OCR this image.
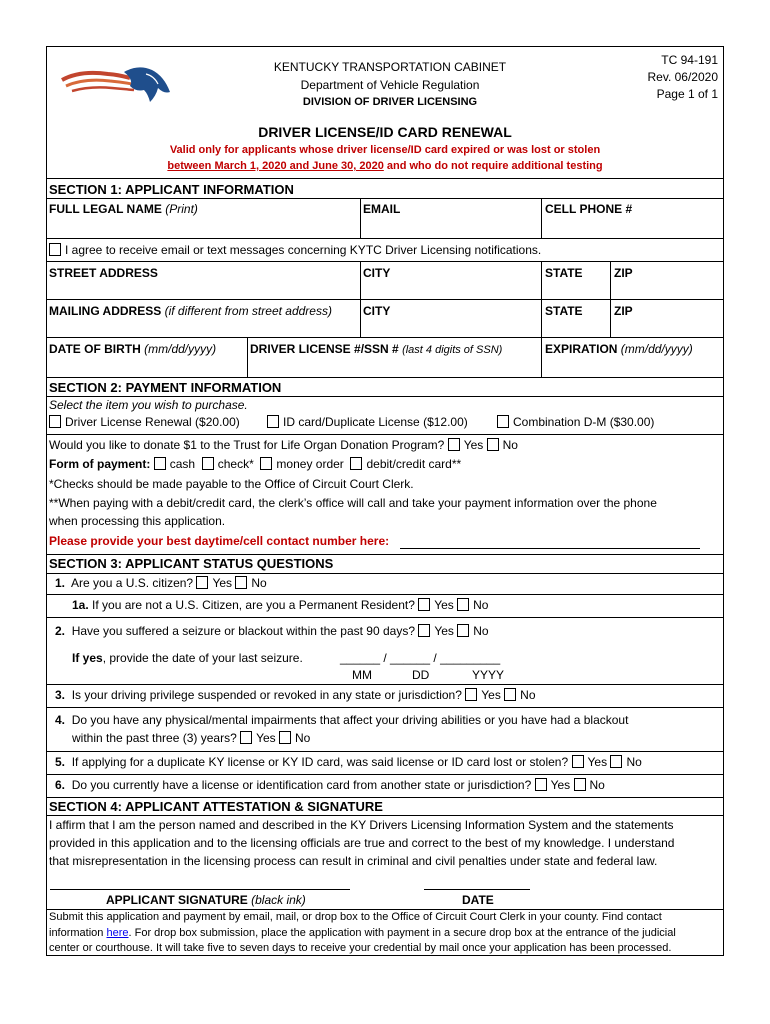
KENTUCKY TRANSPORTATION CABINET
Department of Vehicle Regulation
DIVISION OF DRIVER LICENSING
TC 94-191
Rev. 06/2020
Page 1 of 1
DRIVER LICENSE/ID CARD RENEWAL
Valid only for applicants whose driver license/ID card expired or was lost or stolen
between March 1, 2020 and June 30, 2020 and who do not require additional testing
SECTION 1: APPLICANT INFORMATION
FULL LEGAL NAME (Print)	EMAIL	CELL PHONE #
I agree to receive email or text messages concerning KYTC Driver Licensing notifications.
STREET ADDRESS	CITY	STATE	ZIP
MAILING ADDRESS (if different from street address)	CITY	STATE	ZIP
DATE OF BIRTH (mm/dd/yyyy)	DRIVER LICENSE #/SSN # (last 4 digits of SSN)	EXPIRATION (mm/dd/yyyy)
SECTION 2: PAYMENT INFORMATION
Select the item you wish to purchase.
Driver License Renewal ($20.00)	ID card/Duplicate License ($12.00)	Combination D-M ($30.00)
Would you like to donate $1 to the Trust for Life Organ Donation Program? Yes No
Form of payment: cash check* money order debit/credit card**
*Checks should be made payable to the Office of Circuit Court Clerk.
**When paying with a debit/credit card, the clerk’s office will call and take your payment information over the phone
when processing this application.
Please provide your best daytime/cell contact number here:
SECTION 3: APPLICANT STATUS QUESTIONS
1. Are you a U.S. citizen? Yes No
1a. If you are not a U.S. Citizen, are you a Permanent Resident? Yes No
2. Have you suffered a seizure or blackout within the past 90 days? Yes No
If yes, provide the date of your last seizure.	______ / ______ / _________
MM	DD	YYYY
3. Is your driving privilege suspended or revoked in any state or jurisdiction? Yes No
4. Do you have any physical/mental impairments that affect your driving abilities or you have had a blackout
within the past three (3) years? Yes No
5. If applying for a duplicate KY license or KY ID card, was said license or ID card lost or stolen? Yes No
6. Do you currently have a license or identification card from another state or jurisdiction? Yes No
SECTION 4: APPLICANT ATTESTATION & SIGNATURE
I affirm that I am the person named and described in the KY Drivers Licensing Information System and the statements
provided in this application and to the licensing officials are true and correct to the best of my knowledge. I understand
that misrepresentation in the licensing process can result in criminal and civil penalties under state and federal law.
APPLICANT SIGNATURE (black ink)	DATE
Submit this application and payment by email, mail, or drop box to the Office of Circuit Court Clerk in your county. Find contact
information here. For drop box submission, place the application with payment in a secure drop box at the entrance of the judicial
center or courthouse. It will take five to seven days to receive your credential by mail once your application has been processed.
